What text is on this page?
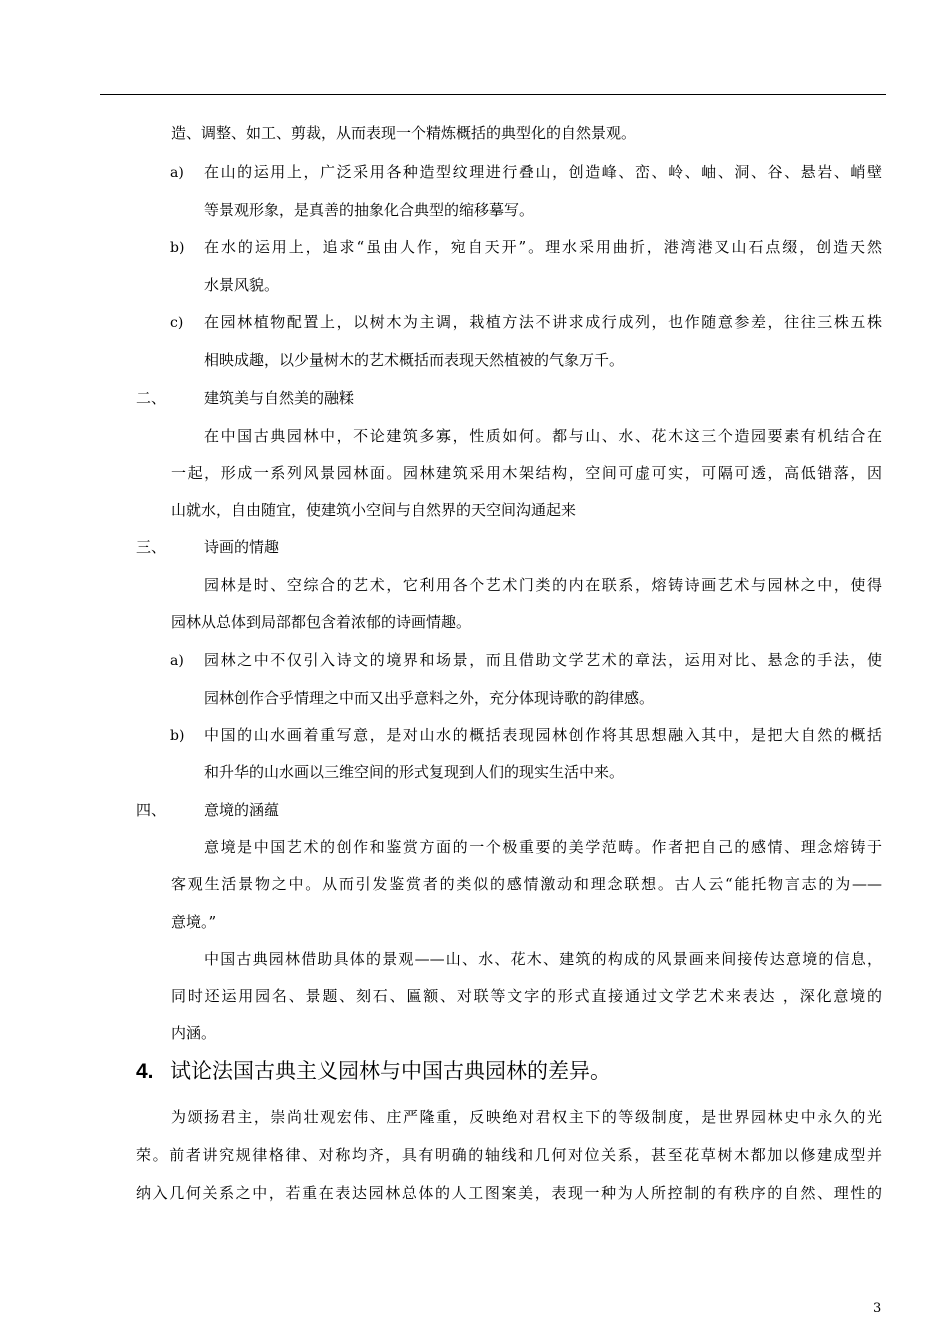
造、调整、如工、剪裁，从而表现一个精炼概括的典型化的自然景观。
a) 在山的运用上，广泛采用各种造型纹理进行叠山，创造峰、峦、岭、岫、洞、谷、悬岩、峭壁
等景观形象，是真善的抽象化合典型的缩移摹写。
b) 在水的运用上，追求“虽由人作，宛自天开”。理水采用曲折，港湾港叉山石点缀，创造天然
水景风貌。
c) 在园林植物配置上，以树木为主调，栽植方法不讲求成行成列，也作随意参差，往往三株五株
相映成趣，以少量树木的艺术概括而表现天然植被的气象万千。
二、	建筑美与自然美的融糅
在中国古典园林中，不论建筑多寡，性质如何。都与山、水、花木这三个造园要素有机结合在
一起，形成一系列风景园林面。园林建筑采用木架结构，空间可虚可实，可隔可透，高低错落，因
山就水，自由随宜，使建筑小空间与自然界的天空间沟通起来
三、	诗画的情趣
园林是时、空综合的艺术，它利用各个艺术门类的内在联系，熔铸诗画艺术与园林之中，使得
园林从总体到局部都包含着浓郁的诗画情趣。
a) 园林之中不仅引入诗文的境界和场景，而且借助文学艺术的章法，运用对比、悬念的手法，使
园林创作合乎情理之中而又出乎意料之外，充分体现诗歌的韵律感。
b) 中国的山水画着重写意，是对山水的概括表现园林创作将其思想融入其中，是把大自然的概括
和升华的山水画以三维空间的形式复现到人们的现实生活中来。
四、	意境的涵蕴
意境是中国艺术的创作和鉴赏方面的一个极重要的美学范畴。作者把自己的感情、理念熔铸于
客观生活景物之中。从而引发鉴赏者的类似的感情激动和理念联想。古人云“能托物言志的为——
意境。”
中国古典园林借助具体的景观——山、水、花木、建筑的构成的风景画来间接传达意境的信息，
同时还运用园名、景题、刻石、匾额、对联等文字的形式直接通过文学艺术来表达 ，深化意境的
内涵。
4. 试论法国古典主义园林与中国古典园林的差异。
为颂扬君主，崇尚壮观宏伟、庄严隆重，反映绝对君权主下的等级制度，是世界园林史中永久的光
荣。前者讲究规律格律、对称均齐，具有明确的轴线和几何对位关系，甚至花草树木都加以修建成型并
纳入几何关系之中，若重在表达园林总体的人工图案美，表现一种为人所控制的有秩序的自然、理性的
3
